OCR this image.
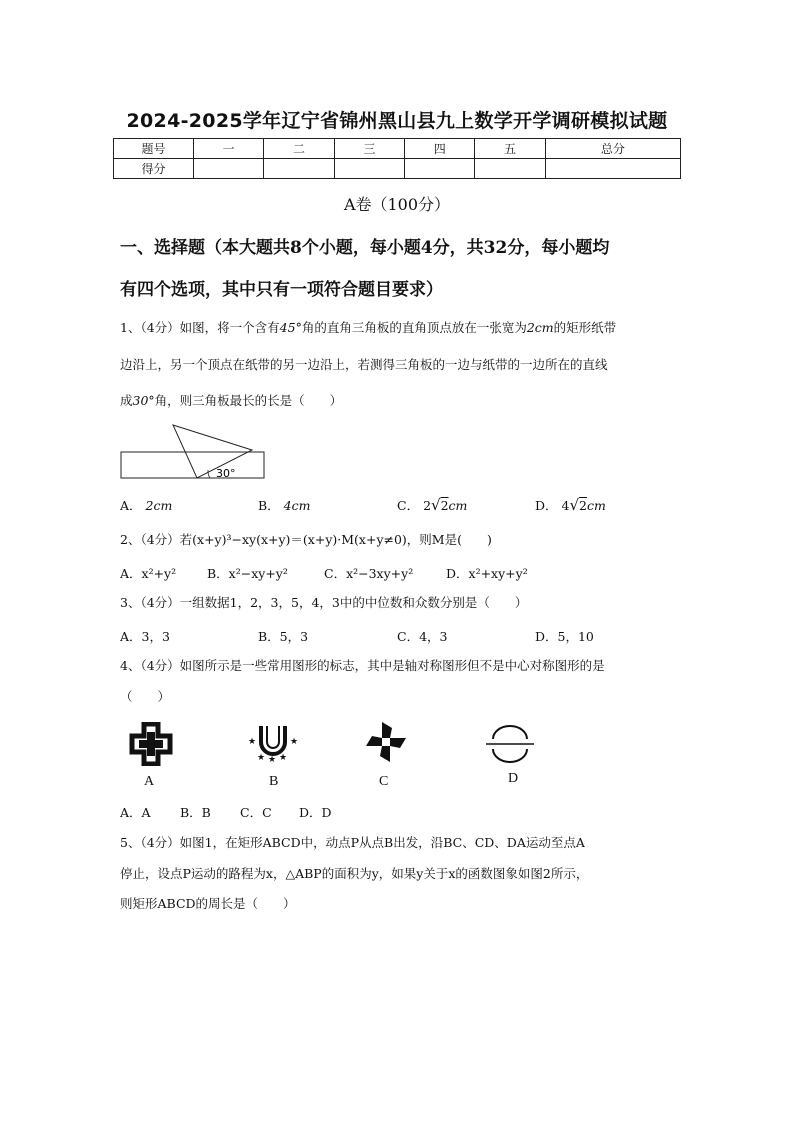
2024-2025学年辽宁省锦州黑山县九上数学开学调研模拟试题
题号	一	二	三	四	五	总分
得分						
A卷（100分）
一、选择题（本大题共8个小题，每小题4分，共32分，每小题均
有四个选项，其中只有一项符合题目要求）
1、（4分）如图，将一个含有45°角的直角三角板的直角顶点放在一张宽为2cm的矩形纸带
边沿上，另一个顶点在纸带的另一边沿上，若测得三角板的一边与纸带的一边所在的直线
成30°角，则三角板最长的长是（　　）
30°
A． 2cm	B． 4cm	C． 2√2cm	D． 4√2cm
2、（4分）若(x+y)³−xy(x+y)＝(x+y)·M(x+y≠0)，则M是(　　)
A．x²+y² B．x²−xy+y²	C．x²−3xy+y²	D．x²+xy+y²
3、（4分）一组数据1，2，3，5，4，3中的中位数和众数分别是（　　）
A．3，3	B．5，3	C．4，3	D．5，10
4、（4分）如图所示是一些常用图形的标志，其中是轴对称图形但不是中心对称图形的是
（　　）
★	★
★ ★ ★
A	B	C	D
A．A B．B C．C D．D
5、（4分）如图1，在矩形ABCD中，动点P从点B出发，沿BC、CD、DA运动至点A
停止，设点P运动的路程为x，△ABP的面积为y，如果y关于x的函数图象如图2所示，
则矩形ABCD的周长是（　　）
